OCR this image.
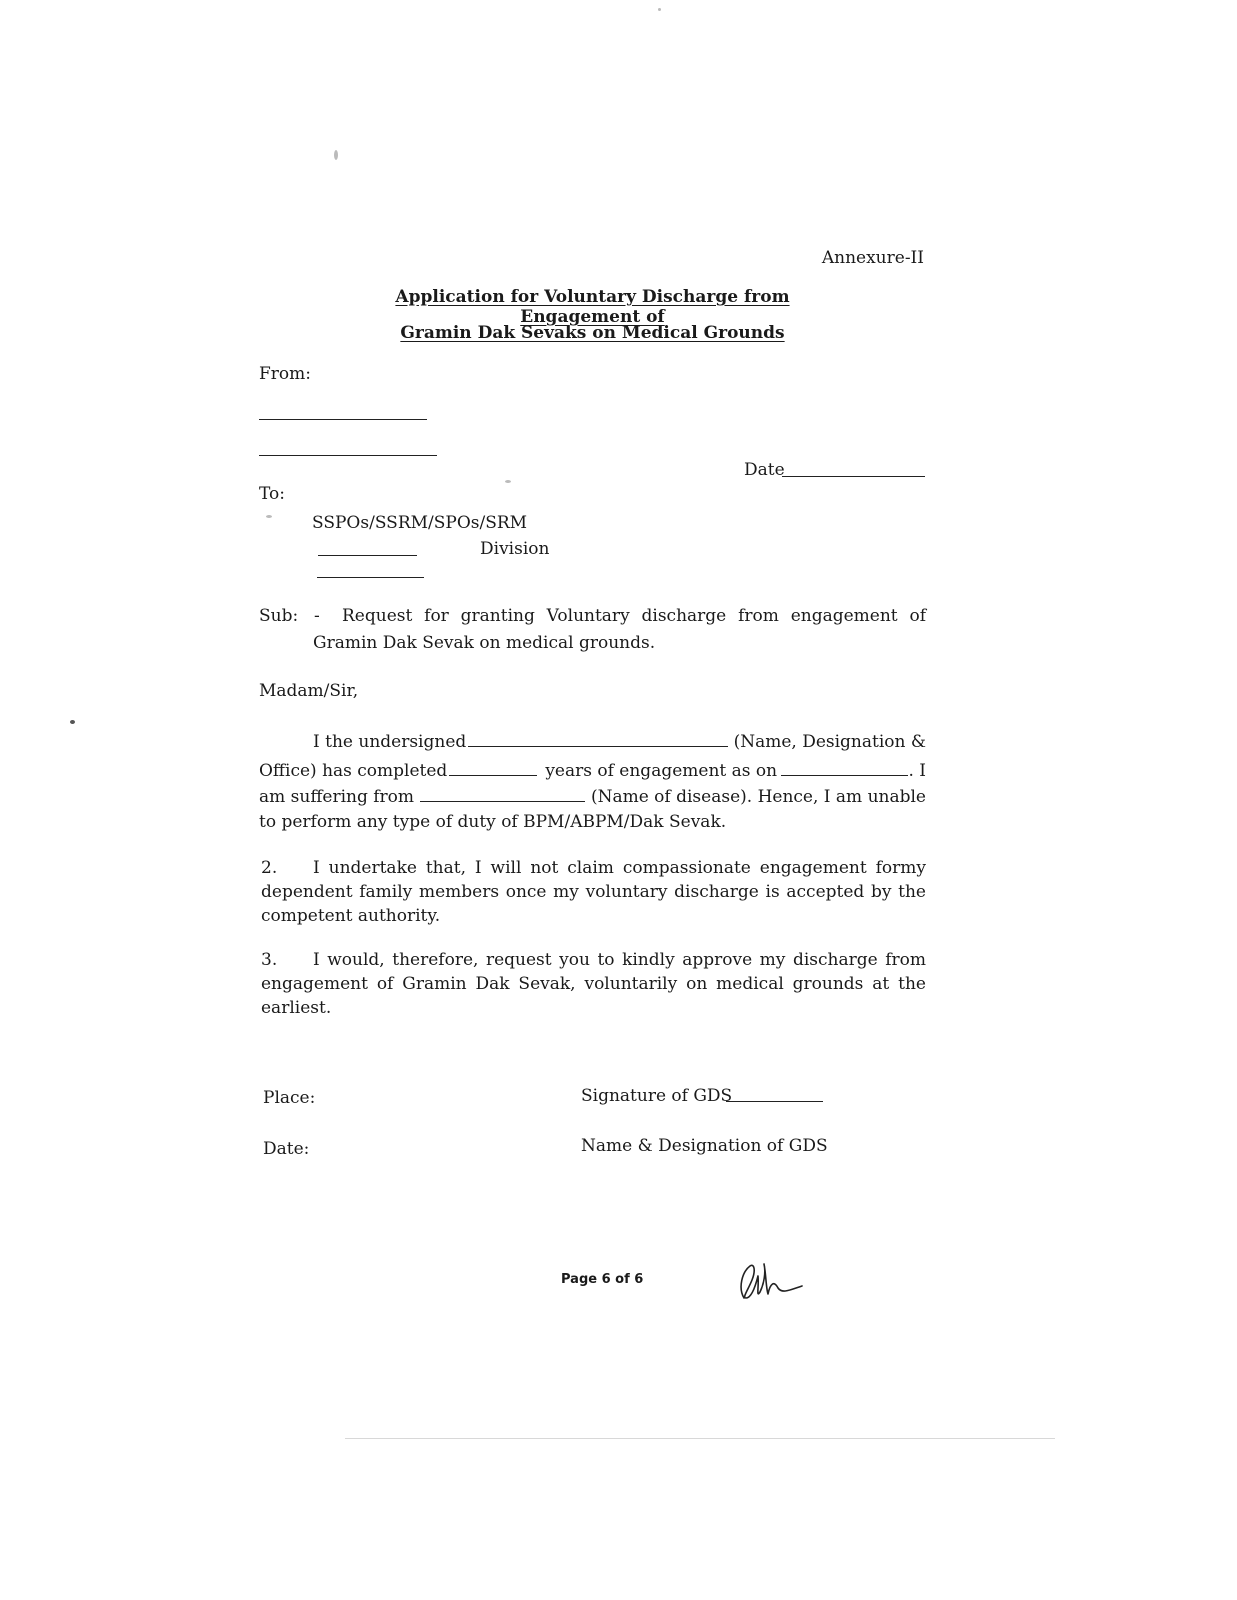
Annexure-II
Application for Voluntary Discharge from Engagement of
Gramin Dak Sevaks on Medical Grounds
From:
Date
To:
SSPOs/SSRM/SPOs/SRM
Division
Sub: - Request for granting Voluntary discharge from engagement of
Gramin Dak Sevak on medical grounds.
Madam/Sir,
I the undersigned	(Name, Designation &
Office) has completed	years of engagement as on	. I
am suffering from	(Name of disease). Hence, I am unable
to perform any type of duty of BPM/ABPM/Dak Sevak.
2. I undertake that, I will not claim compassionate engagement formy dependent family members once my voluntary discharge is accepted by the competent authority.
3. I would, therefore, request you to kindly approve my discharge from engagement of Gramin Dak Sevak, voluntarily on medical grounds at the earliest.
Place:	Signature of GDS
Date:	Name & Designation of GDS
Page 6 of 6
